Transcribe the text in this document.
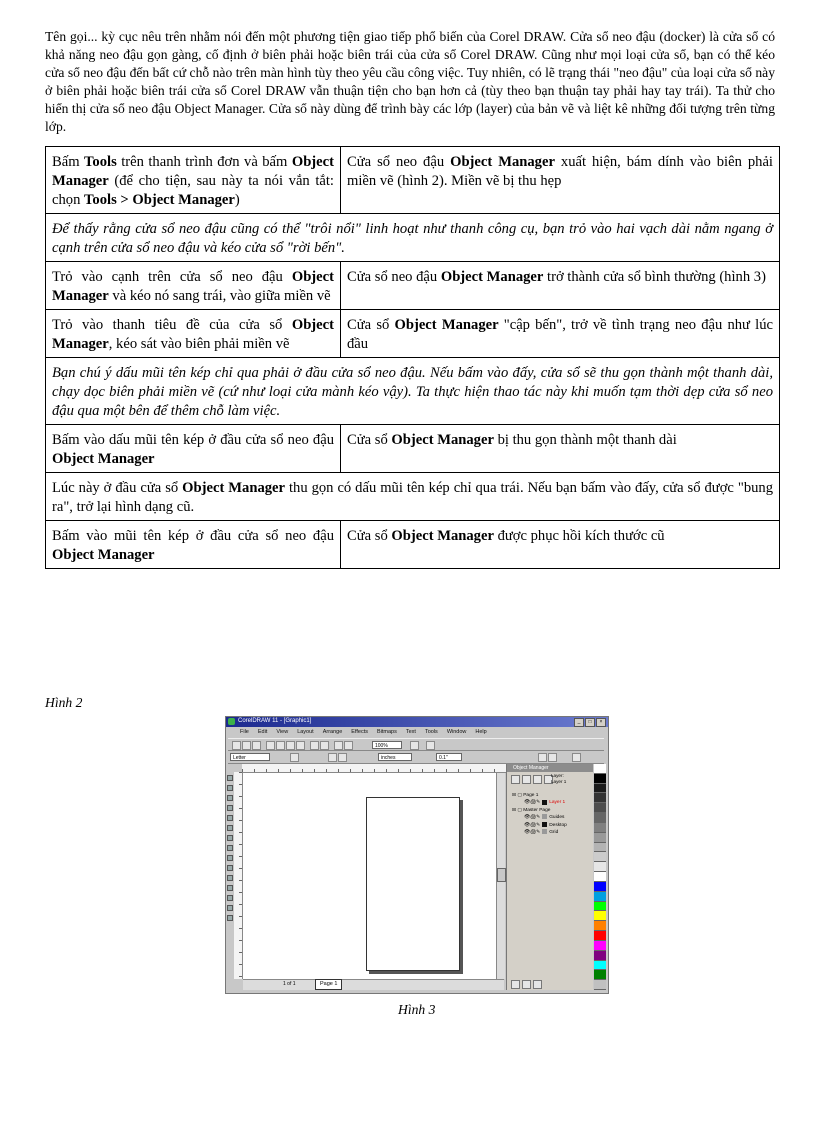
Tên gọi... kỳ cục nêu trên nhằm nói đến một phương tiện giao tiếp phổ biến của Corel DRAW. Cửa sổ neo đậu (docker) là cửa sổ có khả năng neo đậu gọn gàng, cố định ở biên phải hoặc biên trái của cửa sổ Corel DRAW. Cũng như mọi loại cửa sổ, bạn có thể kéo cửa sổ neo đậu đến bất cứ chỗ nào trên màn hình tùy theo yêu cầu công việc. Tuy nhiên, có lẽ trạng thái "neo đậu" của loại cửa sổ này ở biên phải hoặc biên trái cửa sổ Corel DRAW vẫn thuận tiện cho bạn hơn cả (tùy theo bạn thuận tay phải hay tay trái). Ta thử cho hiển thị cửa sổ neo đậu Object Manager. Cửa sổ này dùng để trình bày các lớp (layer) của bản vẽ và liệt kê những đối tượng trên từng lớp.

Bấm Tools trên thanh trình đơn và bấm Object Manager (để cho tiện, sau này ta nói vắn tắt: chọn Tools > Object Manager)	Cửa sổ neo đậu Object Manager xuất hiện, bám dính vào biên phải miền vẽ (hình 2). Miền vẽ bị thu hẹp
Để thấy rằng cửa sổ neo đậu cũng có thể "trôi nổi" linh hoạt như thanh công cụ, bạn trỏ vào hai vạch dài nằm ngang ở cạnh trên cửa sổ neo đậu và kéo cửa sổ "rời bến".	
Trỏ vào cạnh trên cửa sổ neo đậu Object Manager và kéo nó sang trái, vào giữa miền vẽ	Cửa sổ neo đậu Object Manager trở thành cửa sổ bình thường (hình 3)
Trỏ vào thanh tiêu đề của cửa sổ Object Manager, kéo sát vào biên phải miền vẽ	Cửa sổ Object Manager "cập bến", trở về tình trạng neo đậu như lúc đầu
Bạn chú ý dấu mũi tên kép chỉ qua phải ở đầu cửa sổ neo đậu. Nếu bấm vào đấy, cửa sổ sẽ thu gọn thành một thanh dài, chạy dọc biên phải miền vẽ (cứ như loại cửa mành kéo vậy). Ta thực hiện thao tác này khi muốn tạm thời dẹp cửa sổ neo đậu qua một bên để thêm chỗ làm việc.	
Bấm vào dấu mũi tên kép ở đầu cửa sổ neo đậu Object Manager	Cửa sổ Object Manager bị thu gọn thành một thanh dài
Lúc này ở đầu cửa sổ Object Manager thu gọn có dấu mũi tên kép chỉ qua trái. Nếu bạn bấm vào đấy, cửa sổ được "bung ra", trở lại hình dạng cũ.	
Bấm vào mũi tên kép ở đầu cửa sổ neo đậu Object Manager	Cửa sổ Object Manager được phục hồi kích thước cũ
Hình 2
CorelDRAW 11 - [Graphic1]	_	□	×
File Edit View Layout Arrange Effects Bitmaps Text Tools Window Help
100%
Letter	inches	0.1"
1 of 1	Page 1
Object Manager
Layer:
Layer 1
⊟ ▢ Page 1
👁🖨✎ Layer 1
⊟ ▢ Master Page
👁🖨✎ Guides
👁🖨✎ Desktop
👁🖨✎ Grid
Hình 3
